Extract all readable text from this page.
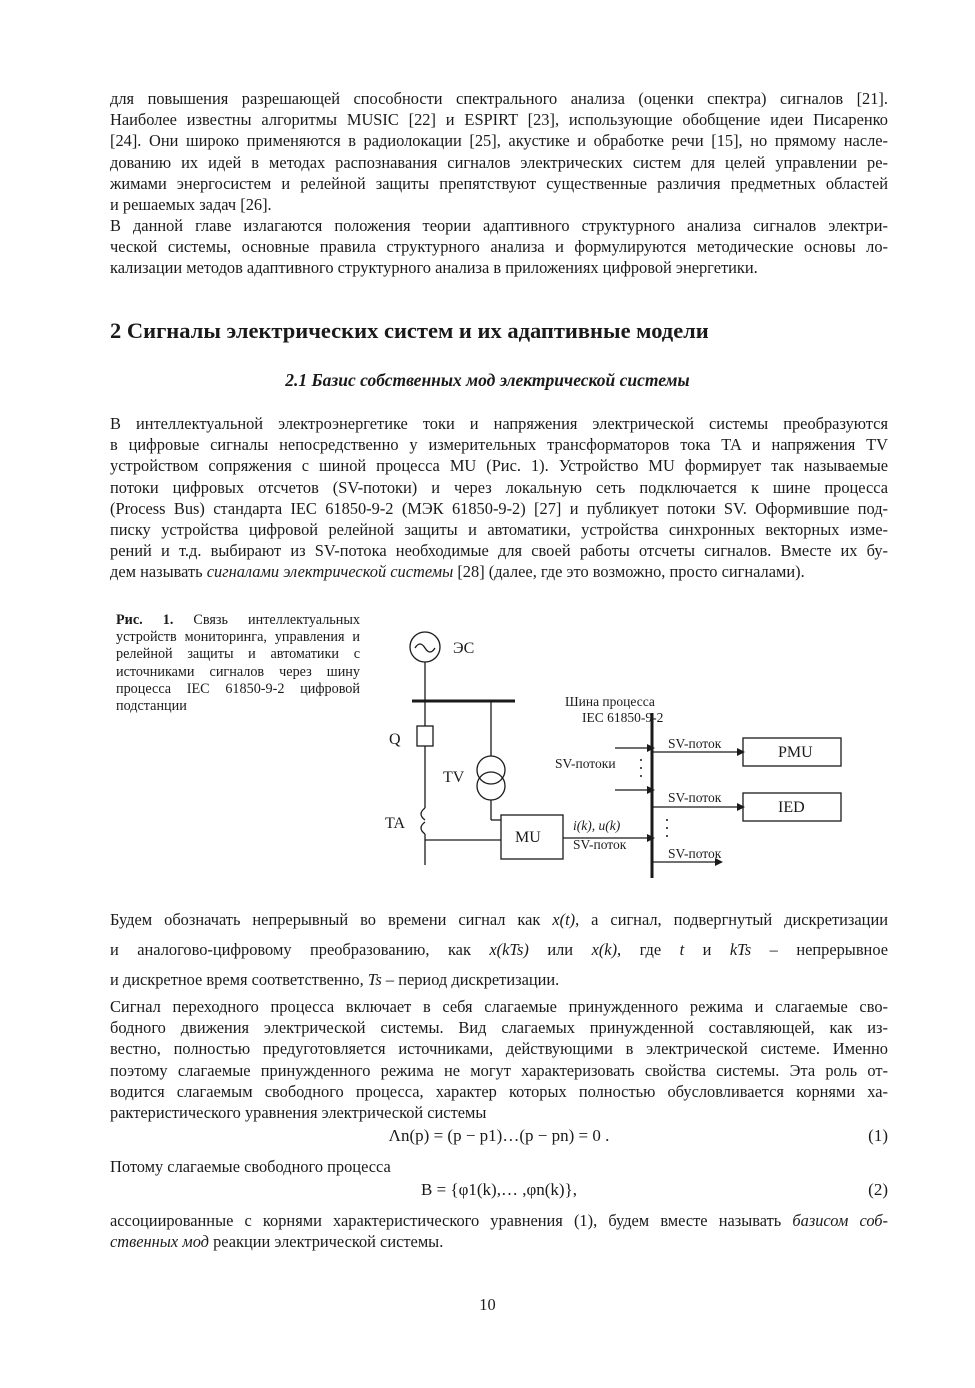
для повышения разрешающей способности спектрального анализа (оценки спектра) сигналов [21].
Наиболее известны алгоритмы MUSIC [22] и ESPIRT [23], использующие обобщение идеи Писаренко
[24]. Они широко применяются в радиолокации [25], акустике и обработке речи [15], но прямому насле-
дованию их идей в методах распознавания сигналов электрических систем для целей управлении ре-
жимами энергосистем и релейной защиты препятствуют существенные различия предметных областей
и решаемых задач [26].
В данной главе излагаются положения теории адаптивного структурного анализа сигналов электри-
ческой системы, основные правила структурного анализа и формулируются методические основы ло-
кализации методов адаптивного структурного анализа в приложениях цифровой энергетики.
2 Сигналы электрических систем и их адаптивные модели
2.1 Базис собственных мод электрической системы
В интеллектуальной электроэнергетике токи и напряжения электрической системы преобразуются
в цифровые сигналы непосредственно у измерительных трансформаторов тока TA и напряжения TV
устройством сопряжения с шиной процесса MU (Рис. 1). Устройство MU формирует так называемые
потоки цифровых отсчетов (SV-потоки) и через локальную сеть подключается к шине процесса
(Process Bus) стандарта IEC 61850-9-2 (МЭК 61850-9-2) [27] и публикует потоки SV. Оформившие под-
писку устройства цифровой релейной защиты и автоматики, устройства синхронных векторных изме-
рений и т.д. выбирают из SV-потока необходимые для своей работы отсчеты сигналов. Вместе их бу-
дем называть сигналами электрической системы [28] (далее, где это возможно, просто сигналами).
Рис. 1. Связь интеллектуальных устройств мониторинга, управления и релейной защиты и автоматики с источниками сигналов через шину процесса IEC 61850-9-2 цифровой подстанции
ЭС
Q
TV
TA
MU
PMU
IED
Шина процесса
IEC 61850-9-2
SV-потоки
i(k), u(k)
SV-поток
SV-поток
SV-поток
SV-поток
Будем обозначать непрерывный во времени сигнал как x(t), а сигнал, подвергнутый дискретизации
и аналогово-цифровому преобразованию, как x(kTs) или x(k), где t и kTs – непрерывное
и дискретное время соответственно, Ts – период дискретизации.
Сигнал переходного процесса включает в себя слагаемые принужденного режима и слагаемые сво-
бодного движения электрической системы. Вид слагаемых принужденной составляющей, как из-
вестно, полностью предуготовляется источниками, действующими в электрической системе. Именно
поэтому слагаемые принужденного режима не могут характеризовать свойства системы. Эта роль от-
водится слагаемым свободного процесса, характер которых полностью обусловливается корнями ха-
рактеристического уравнения электрической системы
Λn(p) = (p − p1)…(p − pn) = 0 .	(1)
Потому слагаемые свободного процесса
B = {φ1(k),… ,φn(k)},	(2)
ассоциированные с корнями характеристического уравнения (1), будем вместе называть базисом соб-
ственных мод реакции электрической системы.
10
